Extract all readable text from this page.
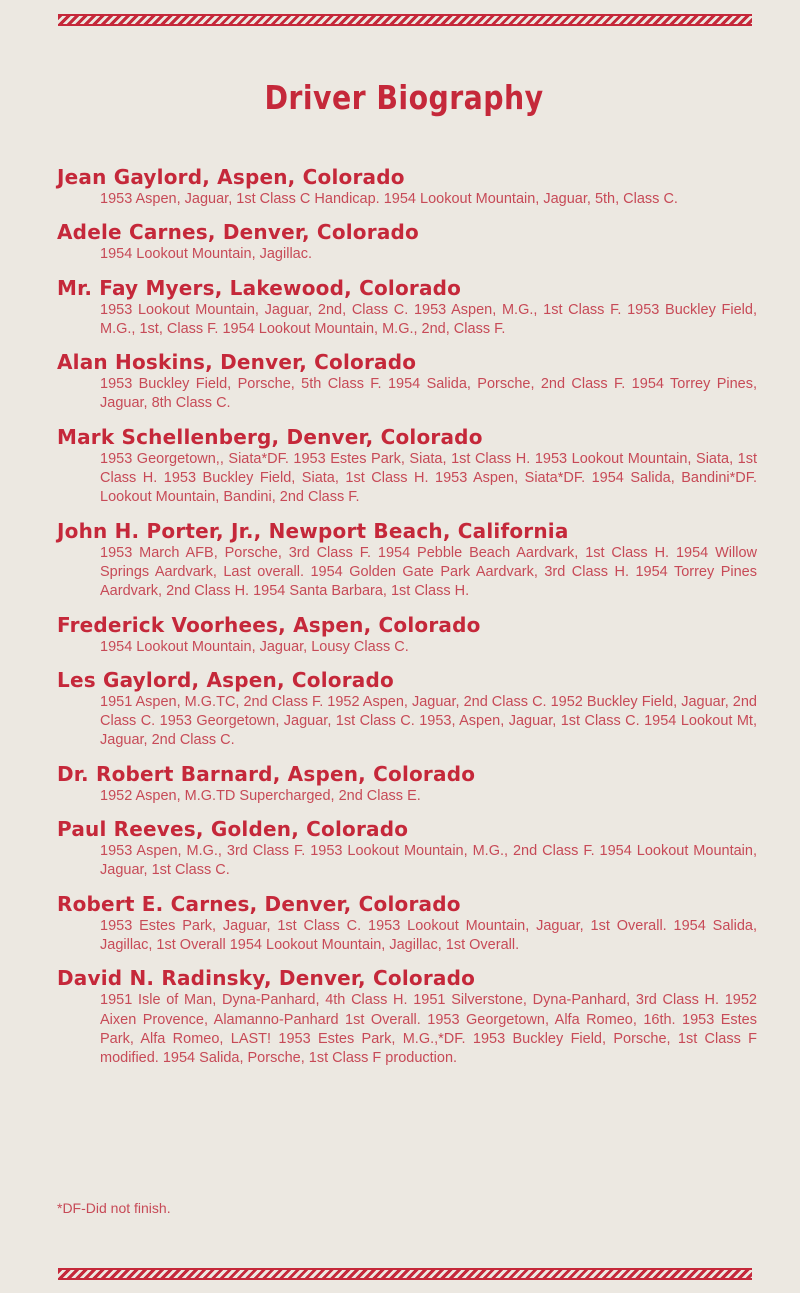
Driver Biography
Jean Gaylord, Aspen, Colorado
1953 Aspen, Jaguar, 1st Class C Handicap. 1954 Lookout Mountain, Jaguar, 5th, Class C.
Adele Carnes, Denver, Colorado
1954 Lookout Mountain, Jagillac.
Mr. Fay Myers, Lakewood, Colorado
1953 Lookout Mountain, Jaguar, 2nd, Class C. 1953 Aspen, M.G., 1st Class F. 1953 Buckley Field, M.G., 1st, Class F. 1954 Lookout Mountain, M.G., 2nd, Class F.
Alan Hoskins, Denver, Colorado
1953 Buckley Field, Porsche, 5th Class F. 1954 Salida, Porsche, 2nd Class F. 1954 Torrey Pines, Jaguar, 8th Class C.
Mark Schellenberg, Denver, Colorado
1953 Georgetown,, Siata*DF. 1953 Estes Park, Siata, 1st Class H. 1953 Lookout Mountain, Siata, 1st Class H. 1953 Buckley Field, Siata, 1st Class H. 1953 Aspen, Siata*DF. 1954 Salida, Bandini*DF. Lookout Mountain, Bandini, 2nd Class F.
John H. Porter, Jr., Newport Beach, California
1953 March AFB, Porsche, 3rd Class F. 1954 Pebble Beach Aardvark, 1st Class H. 1954 Willow Springs Aardvark, Last overall. 1954 Golden Gate Park Aardvark, 3rd Class H. 1954 Torrey Pines Aardvark, 2nd Class H. 1954 Santa Barbara, 1st Class H.
Frederick Voorhees, Aspen, Colorado
1954 Lookout Mountain, Jaguar, Lousy Class C.
Les Gaylord, Aspen, Colorado
1951 Aspen, M.G.TC, 2nd Class F. 1952 Aspen, Jaguar, 2nd Class C. 1952 Buckley Field, Jaguar, 2nd Class C. 1953 Georgetown, Jaguar, 1st Class C. 1953, Aspen, Jaguar, 1st Class C. 1954 Lookout Mt, Jaguar, 2nd Class C.
Dr. Robert Barnard, Aspen, Colorado
1952 Aspen, M.G.TD Supercharged, 2nd Class E.
Paul Reeves, Golden, Colorado
1953 Aspen, M.G., 3rd Class F. 1953 Lookout Mountain, M.G., 2nd Class F. 1954 Lookout Mountain, Jaguar, 1st Class C.
Robert E. Carnes, Denver, Colorado
1953 Estes Park, Jaguar, 1st Class C. 1953 Lookout Mountain, Jaguar, 1st Overall. 1954 Salida, Jagillac, 1st Overall 1954 Lookout Mountain, Jagillac, 1st Overall.
David N. Radinsky, Denver, Colorado
1951 Isle of Man, Dyna-Panhard, 4th Class H. 1951 Silverstone, Dyna-Panhard, 3rd Class H. 1952 Aixen Provence, Alamanno-Panhard 1st Overall. 1953 Georgetown, Alfa Romeo, 16th. 1953 Estes Park, Alfa Romeo, LAST! 1953 Estes Park, M.G.,*DF. 1953 Buckley Field, Porsche, 1st Class F modified. 1954 Salida, Porsche, 1st Class F production.
*DF-Did not finish.
